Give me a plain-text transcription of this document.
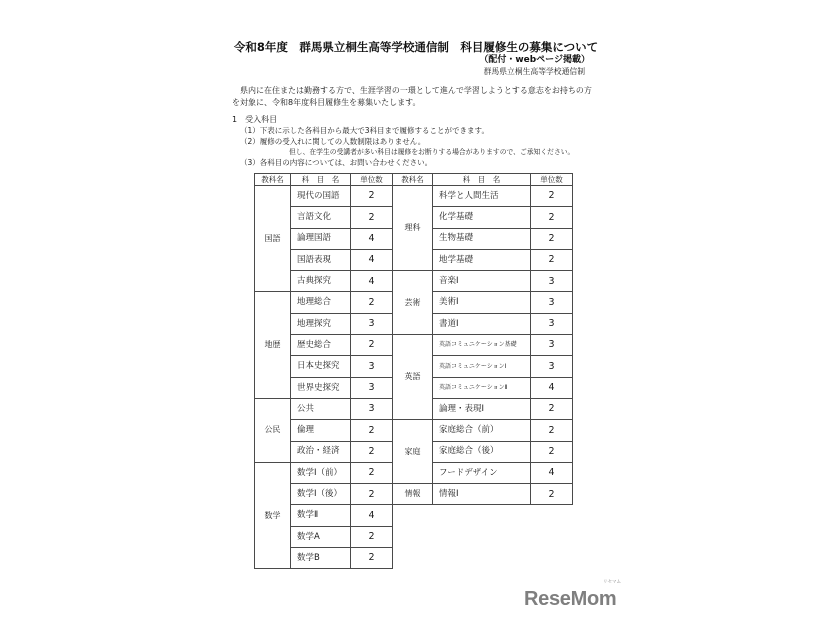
令和8年度　群馬県立桐生高等学校通信制　科目履修生の募集について
（配付・webページ掲載）
群馬県立桐生高等学校通信制
　県内に在住または勤務する方で、生涯学習の一環として進んで学習しようとする意志をお持ちの方
を対象に、令和8年度科目履修生を募集いたします。
1　受入科目
（1）下表に示した各科目から最大で3科目まで履修することができます。
（2）履修の受入れに関しての人数制限はありません。
但し、在学生の受講者が多い科目は履修をお断りする場合がありますので、ご承知ください。
（3）各科目の内容については、お問い合わせください。
教科名	科　目　名	単位数	教科名	科　目　名	単位数
国語	現代の国語	2	理科	科学と人間生活	2
	言語文化	2		化学基礎	2
	論理国語	4		生物基礎	2
	国語表現	4		地学基礎	2
	古典探究	4	芸術	音楽Ⅰ	3
地歴	地理総合	2		美術Ⅰ	3
	地理探究	3		書道Ⅰ	3
	歴史総合	2	英語	英語コミュニケーション基礎	3
	日本史探究	3		英語コミュニケーションⅠ	3
	世界史探究	3		英語コミュニケーションⅡ	4
公民	公共	3		論理・表現Ⅰ	2
	倫理	2	家庭	家庭総合（前）	2
	政治・経済	2		家庭総合（後）	2
数学	数学Ⅰ（前）	2		フードデザイン	4
	数学Ⅰ（後）	2	情報	情報Ⅰ	2
	数学Ⅱ	4			
	数学A	2			
	数学B	2			
リセマム
ReseMom
